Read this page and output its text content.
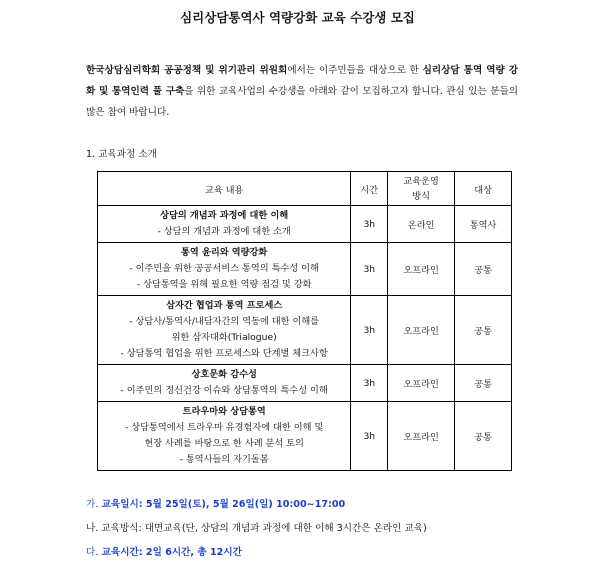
심리상담통역사 역량강화 교육 수강생 모집
한국상담심리학회 공공정책 및 위기관리 위원회에서는 이주민들을 대상으로 한 심리상담 통역 역량 강화 및 통역인력 풀 구축을 위한 교육사업의 수강생을 아래와 같이 모집하고자 합니다. 관심 있는 분들의 많은 참여 바랍니다.
1. 교육과정 소개
교육 내용	시간	교육운영 방식	대상

상담의 개념과 과정에 대한 이해
- 상담의 개념과 과정에 대한 소개	3h	온라인	통역사

통역 윤리와 역량강화
- 이주민을 위한 공공서비스 통역의 특수성 이해
- 상담통역을 위해 필요한 역량 점검 및 강화	3h	오프라인	공통

삼자간 협업과 통역 프로세스
- 상담사/통역사/내담자간의 역동에 대한 이해를
위한 삼자대화(Trialogue)
- 상담통역 협업을 위한 프로세스와 단계별 체크사항	3h	오프라인	공통

상호문화 감수성
- 이주민의 정신건강 이슈와 상담통역의 특수성 이해	3h	오프라인	공통

트라우마와 상담통역
- 상담통역에서 트라우마 유경험자에 대한 이해 및
현장 사례를 바탕으로 한 사례 분석 토의
- 통역사들의 자기돌봄	3h	오프라인	공통
가. 교육일시: 5월 25일(토), 5월 26일(일) 10:00~17:00
나. 교육방식: 대면교육(단, 상담의 개념과 과정에 대한 이해 3시간은 온라인 교육)
다. 교육시간: 2일 6시간, 총 12시간
